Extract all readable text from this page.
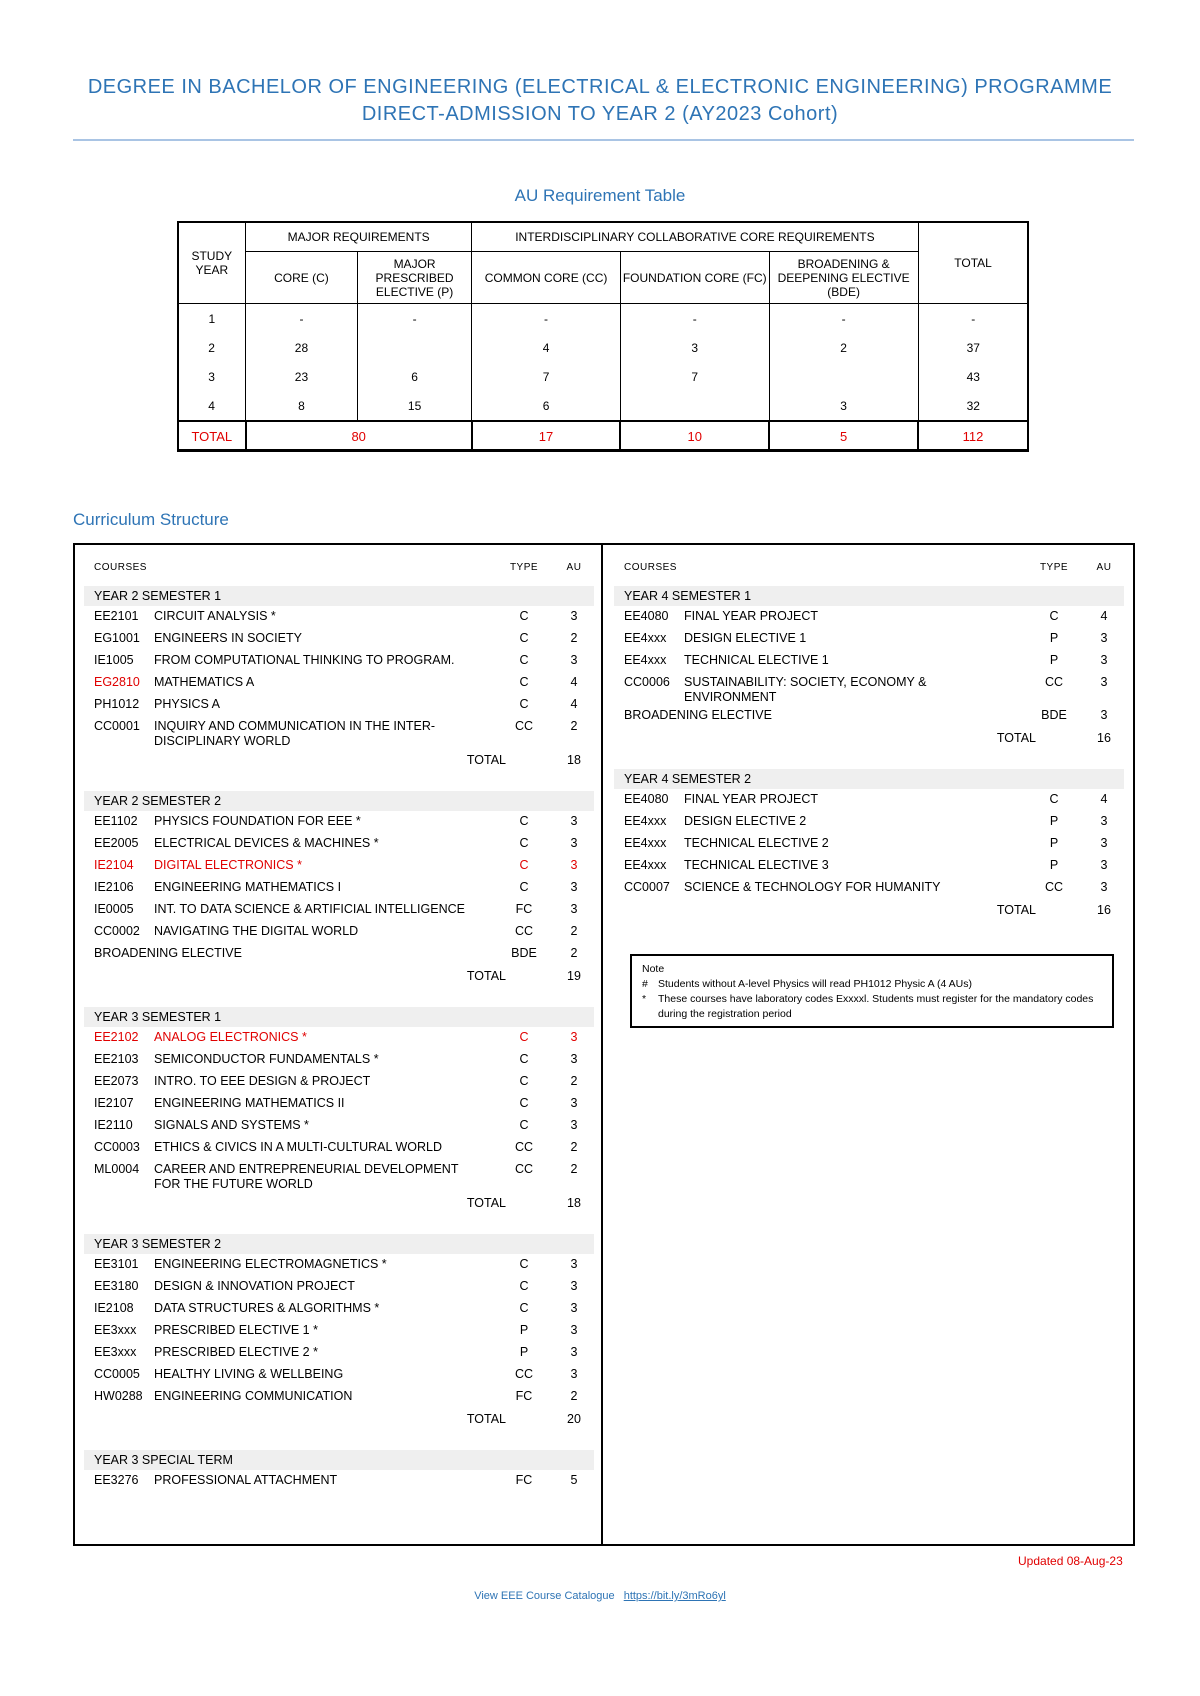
DEGREE IN BACHELOR OF ENGINEERING (ELECTRICAL & ELECTRONIC ENGINEERING) PROGRAMME
DIRECT-ADMISSION TO YEAR 2 (AY2023 Cohort)
AU Requirement Table
STUDY YEAR	MAJOR REQUIREMENTS		INTERDISCIPLINARY COLLABORATIVE CORE REQUIREMENTS			TOTAL
	CORE (C)	MAJOR PRESCRIBED ELECTIVE (P)	COMMON CORE (CC)	FOUNDATION CORE (FC)	BROADENING & DEEPENING ELECTIVE (BDE)	
1	-	-	-	-	-	-
2	28		4	3	2	37
3	23	6	7	7		43
4	8	15	6		3	32
TOTAL	80		17	10	5	112
Curriculum Structure
COURSES	TYPE	AU
YEAR 2 SEMESTER 1
EE2101	CIRCUIT ANALYSIS *	C	3
EG1001	ENGINEERS IN SOCIETY	C	2
IE1005	FROM COMPUTATIONAL THINKING TO PROGRAM.	C	3
EG2810	MATHEMATICS A	C	4
PH1012	PHYSICS A	C	4
CC0001	INQUIRY AND COMMUNICATION IN THE INTER-DISCIPLINARY WORLD
CC	2
TOTAL	18
YEAR 2 SEMESTER 2
EE1102	PHYSICS FOUNDATION FOR EEE *	C	3
EE2005	ELECTRICAL DEVICES & MACHINES *	C	3
IE2104	DIGITAL ELECTRONICS *	C	3
IE2106	ENGINEERING MATHEMATICS I	C	3
IE0005	INT. TO DATA SCIENCE & ARTIFICIAL INTELLIGENCE	FC	3
CC0002	NAVIGATING THE DIGITAL WORLD	CC	2
BROADENING ELECTIVE	BDE	2
TOTAL	19
YEAR 3 SEMESTER 1
EE2102	ANALOG ELECTRONICS *	C	3
EE2103	SEMICONDUCTOR FUNDAMENTALS *	C	3
EE2073	INTRO. TO EEE DESIGN & PROJECT	C	2
IE2107	ENGINEERING MATHEMATICS II	C	3
IE2110	SIGNALS AND SYSTEMS *	C	3
CC0003	ETHICS & CIVICS IN A MULTI-CULTURAL WORLD	CC	2
ML0004	CAREER AND ENTREPRENEURIAL DEVELOPMENT FOR THE FUTURE WORLD
CC	2
TOTAL	18
YEAR 3 SEMESTER 2
EE3101	ENGINEERING ELECTROMAGNETICS *	C	3
EE3180	DESIGN & INNOVATION PROJECT	C	3
IE2108	DATA STRUCTURES & ALGORITHMS *	C	3
EE3xxx	PRESCRIBED ELECTIVE 1 *	P	3
EE3xxx	PRESCRIBED ELECTIVE 2 *	P	3
CC0005	HEALTHY LIVING & WELLBEING	CC	3
HW0288 ENGINEERING COMMUNICATION	FC	2
TOTAL	20
YEAR 3 SPECIAL TERM
EE3276	PROFESSIONAL ATTACHMENT	FC	5
COURSES	TYPE	AU
YEAR 4 SEMESTER 1
EE4080	FINAL YEAR PROJECT	C	4
EE4xxx	DESIGN ELECTIVE 1	P	3
EE4xxx	TECHNICAL ELECTIVE 1	P	3
CC0006	SUSTAINABILITY: SOCIETY, ECONOMY & ENVIRONMENT
CC	3
BROADENING ELECTIVE	BDE	3
TOTAL	16
YEAR 4 SEMESTER 2
EE4080	FINAL YEAR PROJECT	C	4
EE4xxx	DESIGN ELECTIVE 2	P	3
EE4xxx	TECHNICAL ELECTIVE 2	P	3
EE4xxx	TECHNICAL ELECTIVE 3	P	3
CC0007	SCIENCE & TECHNOLOGY FOR HUMANITY	CC	3
TOTAL	16
Note
# Students without A-level Physics will read PH1012 Physic A (4 AUs)
*	These courses have laboratory codes Exxxxl. Students must register for the mandatory codes during the registration period
Updated 08-Aug-23
View EEE Course Catalogue https://bit.ly/3mRo6yl
